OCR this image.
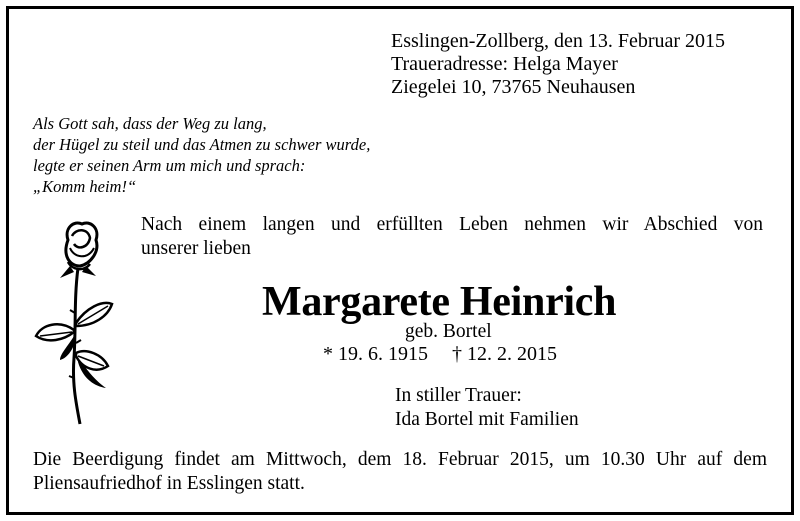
Esslingen-Zollberg, den 13. Februar 2015
Traueradresse: Helga Mayer
Ziegelei 10, 73765 Neuhausen
Als Gott sah, dass der Weg zu lang,
der Hügel zu steil und das Atmen zu schwer wurde,
legte er seinen Arm um mich und sprach:
„Komm heim!“
Nach einem langen und erfüllten Leben nehmen wir Abschied von
unserer lieben
Margarete Heinrich
geb. Bortel
* 19. 6. 1915 † 12. 2. 2015
In stiller Trauer:
Ida Bortel mit Familien
Die Beerdigung findet am Mittwoch, dem 18. Februar 2015, um 10.30 Uhr auf dem
Pliensaufriedhof in Esslingen statt.
